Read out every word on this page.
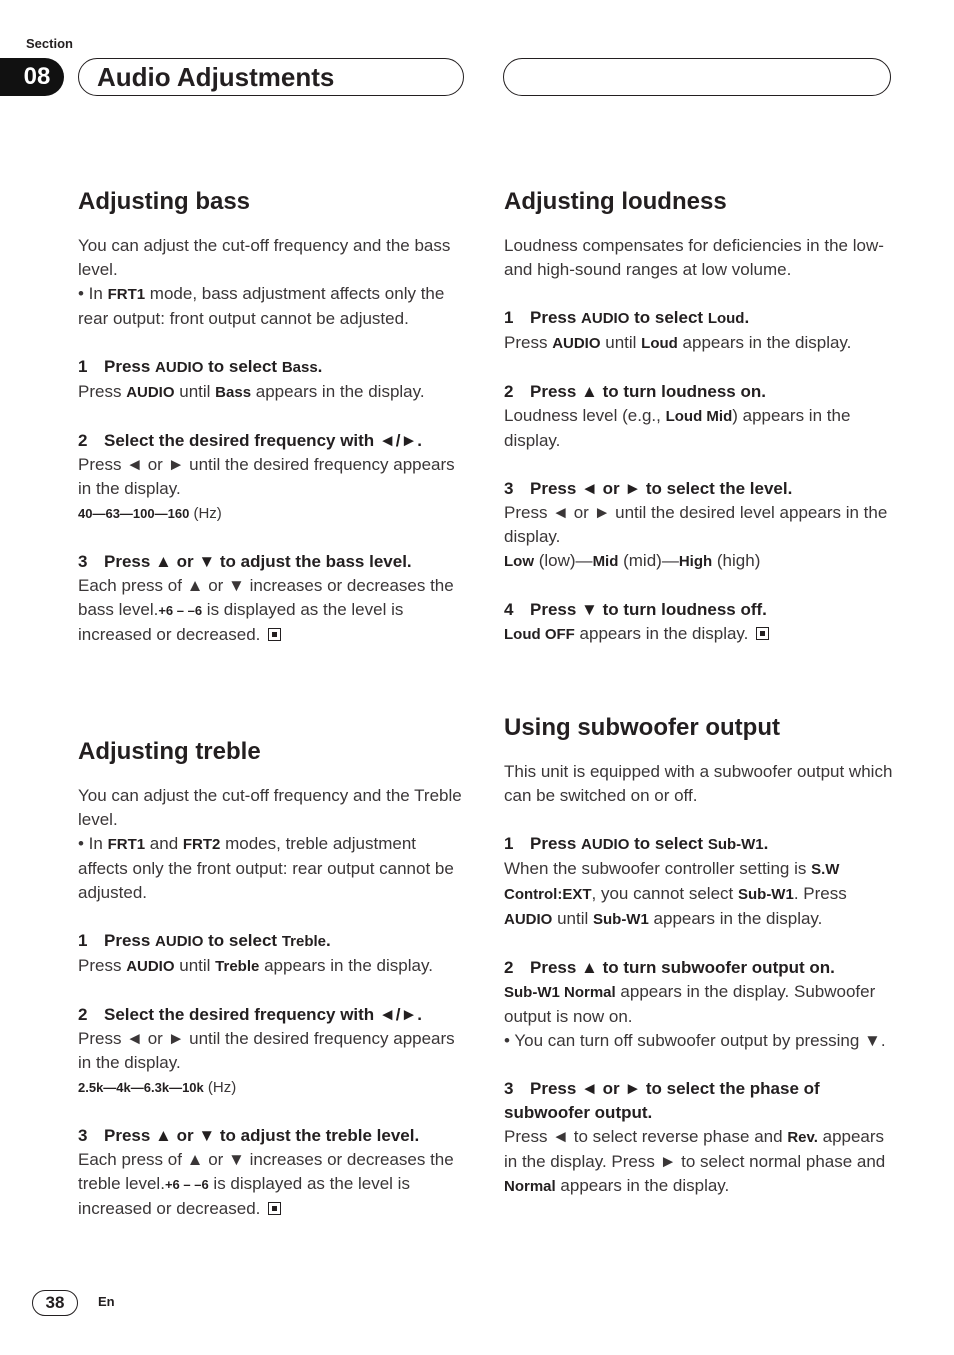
Section
08	Audio Adjustments
Adjusting bass

You can adjust the cut-off frequency and the bass level.

• In FRT1 mode, bass adjustment affects only the rear output: front output cannot be adjusted.

1 Press AUDIO to select Bass.

Press AUDIO until Bass appears in the display.

2 Select the desired frequency with ◄/►.

Press ◄ or ► until the desired frequency appears in the display.

40—63—100—160 (Hz)

3 Press ▲ or ▼ to adjust the bass level.

Each press of ▲ or ▼ increases or decreases the bass level.+6 – –6 is displayed as the level is increased or decreased.

Adjusting treble

You can adjust the cut-off frequency and the Treble level.

• In FRT1 and FRT2 modes, treble adjustment affects only the front output: rear output cannot be adjusted.

1 Press AUDIO to select Treble.

Press AUDIO until Treble appears in the display.

2 Select the desired frequency with ◄/►.

Press ◄ or ► until the desired frequency appears in the display.

2.5k—4k—6.3k—10k (Hz)

3 Press ▲ or ▼ to adjust the treble level.

Each press of ▲ or ▼ increases or decreases the treble level.+6 – –6 is displayed as the level is increased or decreased.

Adjusting loudness

Loudness compensates for deficiencies in the low- and high-sound ranges at low volume.

1 Press AUDIO to select Loud.

Press AUDIO until Loud appears in the display.

2 Press ▲ to turn loudness on.

Loudness level (e.g., Loud Mid) appears in the display.

3 Press ◄ or ► to select the level.

Press ◄ or ► until the desired level appears in the display.

Low (low)—Mid (mid)—High (high)

4 Press ▼ to turn loudness off.

Loud OFF appears in the display.

Using subwoofer output

This unit is equipped with a subwoofer output which can be switched on or off.

1 Press AUDIO to select Sub-W1.

When the subwoofer controller setting is S.W Control:EXT, you cannot select Sub-W1. Press AUDIO until Sub-W1 appears in the display.

2 Press ▲ to turn subwoofer output on.

Sub-W1 Normal appears in the display. Subwoofer output is now on.

• You can turn off subwoofer output by pressing ▼.

3 Press ◄ or ► to select the phase of subwoofer output.

Press ◄ to select reverse phase and Rev. appears in the display. Press ► to select normal phase and Normal appears in the display.

38	En
